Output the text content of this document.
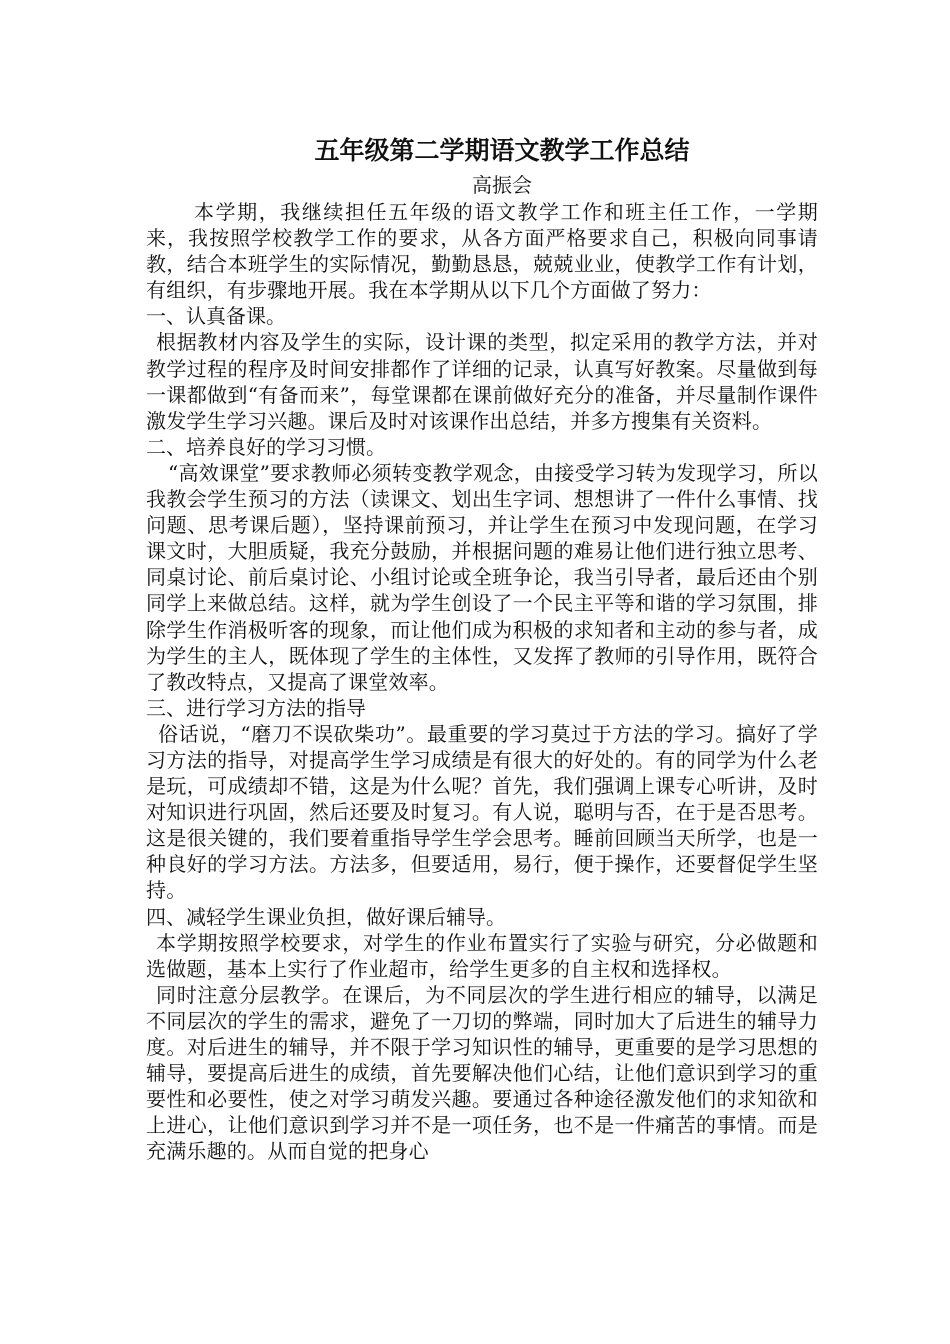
五年级第二学期语文教学工作总结

高振会

本学期，我继续担任五年级的语文教学工作和班主任工作，一学期来，我按照学校教学工作的要求，从各方面严格要求自己，积极向同事请教，结合本班学生的实际情况，勤勤恳恳，兢兢业业，使教学工作有计划，有组织，有步骤地开展。我在本学期从以下几个方面做了努力：

一、认真备课。

根据教材内容及学生的实际，设计课的类型，拟定采用的教学方法，并对教学过程的程序及时间安排都作了详细的记录，认真写好教案。尽量做到每一课都做到“有备而来”，每堂课都在课前做好充分的准备，并尽量制作课件激发学生学习兴趣。课后及时对该课作出总结，并多方搜集有关资料。

二、培养良好的学习习惯。

“高效课堂”要求教师必须转变教学观念，由接受学习转为发现学习，所以我教会学生预习的方法（读课文、划出生字词、想想讲了一件什么事情、找问题、思考课后题），坚持课前预习，并让学生在预习中发现问题，在学习课文时，大胆质疑，我充分鼓励，并根据问题的难易让他们进行独立思考、同桌讨论、前后桌讨论、小组讨论或全班争论，我当引导者，最后还由个别同学上来做总结。这样，就为学生创设了一个民主平等和谐的学习氛围，排除学生作消极听客的现象，而让他们成为积极的求知者和主动的参与者，成为学生的主人，既体现了学生的主体性，又发挥了教师的引导作用，既符合了教改特点，又提高了课堂效率。

三、进行学习方法的指导

俗话说，“磨刀不误砍柴功”。最重要的学习莫过于方法的学习。搞好了学习方法的指导，对提高学生学习成绩是有很大的好处的。有的同学为什么老是玩，可成绩却不错，这是为什么呢？首先，我们强调上课专心听讲，及时对知识进行巩固，然后还要及时复习。有人说，聪明与否，在于是否思考。这是很关键的，我们要着重指导学生学会思考。睡前回顾当天所学，也是一种良好的学习方法。方法多，但要适用，易行，便于操作，还要督促学生坚持。

四、减轻学生课业负担，做好课后辅导。

本学期按照学校要求，对学生的作业布置实行了实验与研究，分必做题和选做题，基本上实行了作业超市，给学生更多的自主权和选择权。

同时注意分层教学。在课后，为不同层次的学生进行相应的辅导，以满足不同层次的学生的需求，避免了一刀切的弊端，同时加大了后进生的辅导力度。对后进生的辅导，并不限于学习知识性的辅导，更重要的是学习思想的辅导，要提高后进生的成绩，首先要解决他们心结，让他们意识到学习的重要性和必要性，使之对学习萌发兴趣。要通过各种途径激发他们的求知欲和上进心，让他们意识到学习并不是一项任务，也不是一件痛苦的事情。而是充满乐趣的。从而自觉的把身心
